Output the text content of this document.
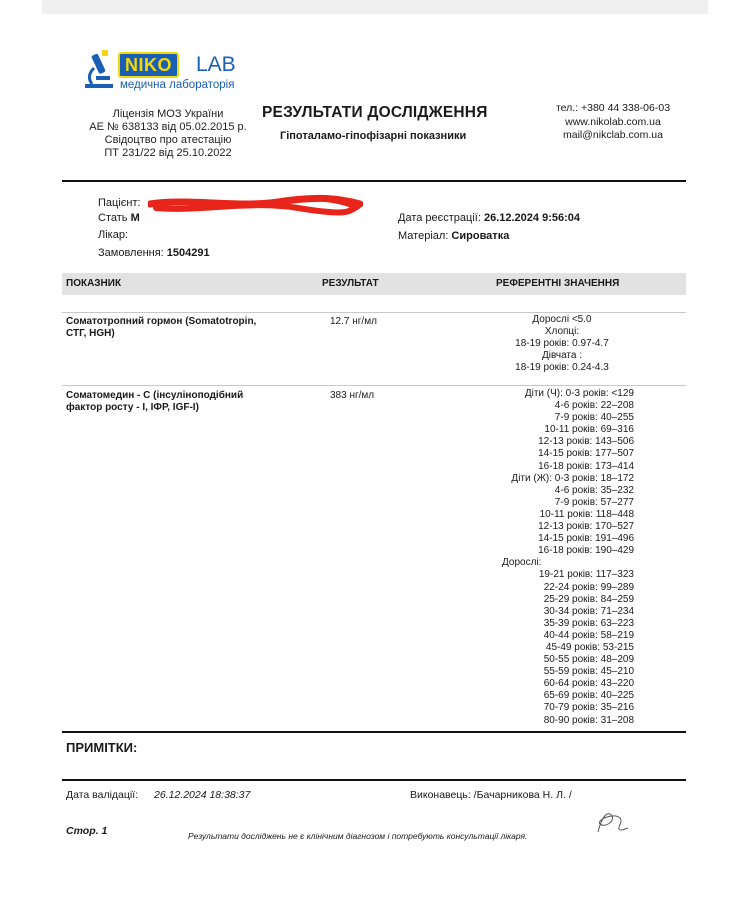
NIKO	LAB
медична лабораторія
Ліцензія МОЗ України
АЕ № 638133 від 05.02.2015 р.
Свідоцтво про атестацію
ПТ 231/22 від 25.10.2022
РЕЗУЛЬТАТИ ДОСЛІДЖЕННЯ
Гіпоталамо-гіпофізарні показники
тел.: +380 44 338-06-03
www.nikolab.com.ua
mail@nikclab.com.ua
Пацієнт:
Стать М
Лікар:
Замовлення: 1504291
Дата реєстрації: 26.12.2024 9:56:04
Матеріал: Сироватка
ПОКАЗНИК	РЕЗУЛЬТАТ	РЕФЕРЕНТНІ ЗНАЧЕННЯ
Соматотропний гормон (Somatotropin,
СТГ, HGH)
12.7 нг/мл	Дорослі <5.0
Хлопці:
18-19 років: 0.97-4.7
Дівчата :
18-19 років: 0.24-4.3
Соматомедин - С (інсуліноподібний
фактор росту - I, ІФР, IGF-I)
383 нг/мл	Діти (Ч): 0-3 років: <129
4-6 років: 22–208
7-9 років: 40–255
10-11 років: 69–316
12-13 років: 143–506
14-15 років: 177–507
16-18 років: 173–414
Діти (Ж): 0-3 років: 18–172
4-6 років: 35–232
7-9 років: 57–277
10-11 років: 118–448
12-13 років: 170–527
14-15 років: 191–496
16-18 років: 190–429
Дорослі:
19-21 років: 117–323
22-24 років: 99–289
25-29 років: 84–259
30-34 років: 71–234
35-39 років: 63–223
40-44 років: 58–219
45-49 років: 53-215
50-55 років: 48–209
55-59 років: 45–210
60-64 років: 43–220
65-69 років: 40–225
70-79 років: 35–216
80-90 років: 31–208
ПРИМІТКИ:
Дата валідації: 26.12.2024 18:38:37	Виконавець: /Бачарникова Н. Л. /
Стор. 1	Результати досліджень не є клінічним діагнозом і потребують консультації лікаря.
